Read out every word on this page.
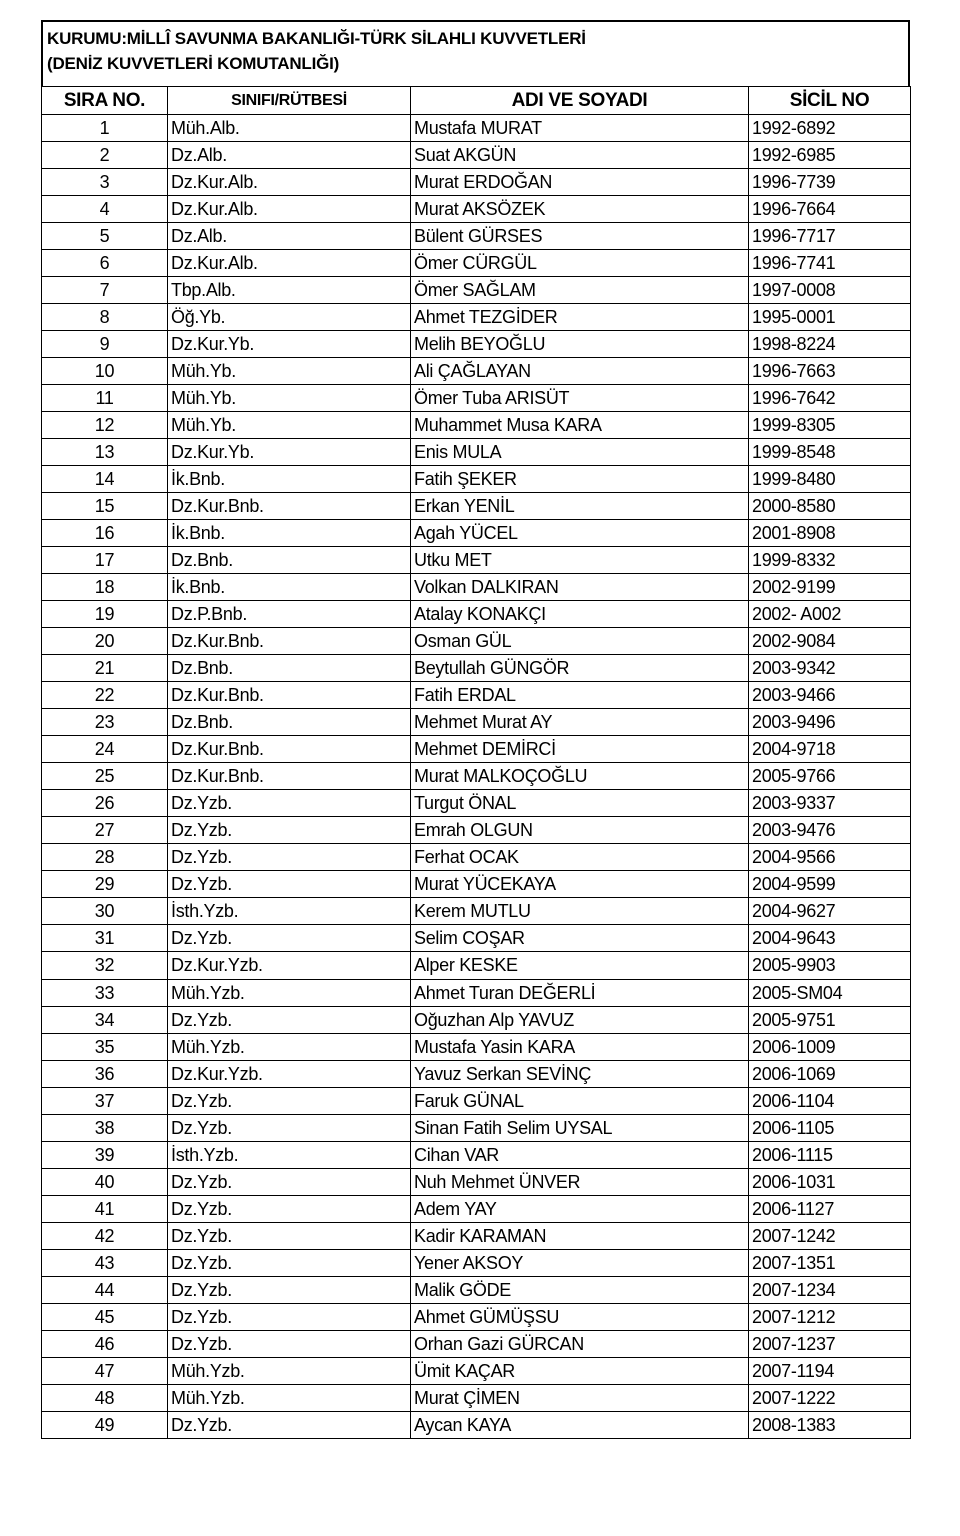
KURUMU:MİLLÎ SAVUNMA BAKANLIĞI-TÜRK SİLAHLI KUVVETLERİ
(DENİZ KUVVETLERİ KOMUTANLIĞI)
SIRA NO.	SINIFI/RÜTBESİ	ADI VE SOYADI	SİCİL NO
1	Müh.Alb.	Mustafa MURAT	1992-6892
2	Dz.Alb.	Suat AKGÜN	1992-6985
3	Dz.Kur.Alb.	Murat ERDOĞAN	1996-7739
4	Dz.Kur.Alb.	Murat AKSÖZEK	1996-7664
5	Dz.Alb.	Bülent GÜRSES	1996-7717
6	Dz.Kur.Alb.	Ömer CÜRGÜL	1996-7741
7	Tbp.Alb.	Ömer SAĞLAM	1997-0008
8	Öğ.Yb.	Ahmet TEZGİDER	1995-0001
9	Dz.Kur.Yb.	Melih BEYOĞLU	1998-8224
10	Müh.Yb.	Ali ÇAĞLAYAN	1996-7663
11	Müh.Yb.	Ömer Tuba ARISÜT	1996-7642
12	Müh.Yb.	Muhammet Musa KARA	1999-8305
13	Dz.Kur.Yb.	Enis MULA	1999-8548
14	İk.Bnb.	Fatih ŞEKER	1999-8480
15	Dz.Kur.Bnb.	Erkan YENİL	2000-8580
16	İk.Bnb.	Agah YÜCEL	2001-8908
17	Dz.Bnb.	Utku MET	1999-8332
18	İk.Bnb.	Volkan DALKIRAN	2002-9199
19	Dz.P.Bnb.	Atalay KONAKÇI	2002- A002
20	Dz.Kur.Bnb.	Osman GÜL	2002-9084
21	Dz.Bnb.	Beytullah GÜNGÖR	2003-9342
22	Dz.Kur.Bnb.	Fatih ERDAL	2003-9466
23	Dz.Bnb.	Mehmet Murat AY	2003-9496
24	Dz.Kur.Bnb.	Mehmet DEMİRCİ	2004-9718
25	Dz.Kur.Bnb.	Murat MALKOÇOĞLU	2005-9766
26	Dz.Yzb.	Turgut ÖNAL	2003-9337
27	Dz.Yzb.	Emrah OLGUN	2003-9476
28	Dz.Yzb.	Ferhat OCAK	2004-9566
29	Dz.Yzb.	Murat YÜCEKAYA	2004-9599
30	İsth.Yzb.	Kerem MUTLU	2004-9627
31	Dz.Yzb.	Selim COŞAR	2004-9643
32	Dz.Kur.Yzb.	Alper KESKE	2005-9903
33	Müh.Yzb.	Ahmet Turan DEĞERLİ	2005-SM04
34	Dz.Yzb.	Oğuzhan Alp YAVUZ	2005-9751
35	Müh.Yzb.	Mustafa Yasin KARA	2006-1009
36	Dz.Kur.Yzb.	Yavuz Serkan SEVİNÇ	2006-1069
37	Dz.Yzb.	Faruk GÜNAL	2006-1104
38	Dz.Yzb.	Sinan Fatih Selim UYSAL	2006-1105
39	İsth.Yzb.	Cihan VAR	2006-1115
40	Dz.Yzb.	Nuh Mehmet ÜNVER	2006-1031
41	Dz.Yzb.	Adem YAY	2006-1127
42	Dz.Yzb.	Kadir KARAMAN	2007-1242
43	Dz.Yzb.	Yener AKSOY	2007-1351
44	Dz.Yzb.	Malik GÖDE	2007-1234
45	Dz.Yzb.	Ahmet GÜMÜŞSU	2007-1212
46	Dz.Yzb.	Orhan Gazi GÜRCAN	2007-1237
47	Müh.Yzb.	Ümit KAÇAR	2007-1194
48	Müh.Yzb.	Murat ÇİMEN	2007-1222
49	Dz.Yzb.	Aycan KAYA	2008-1383
